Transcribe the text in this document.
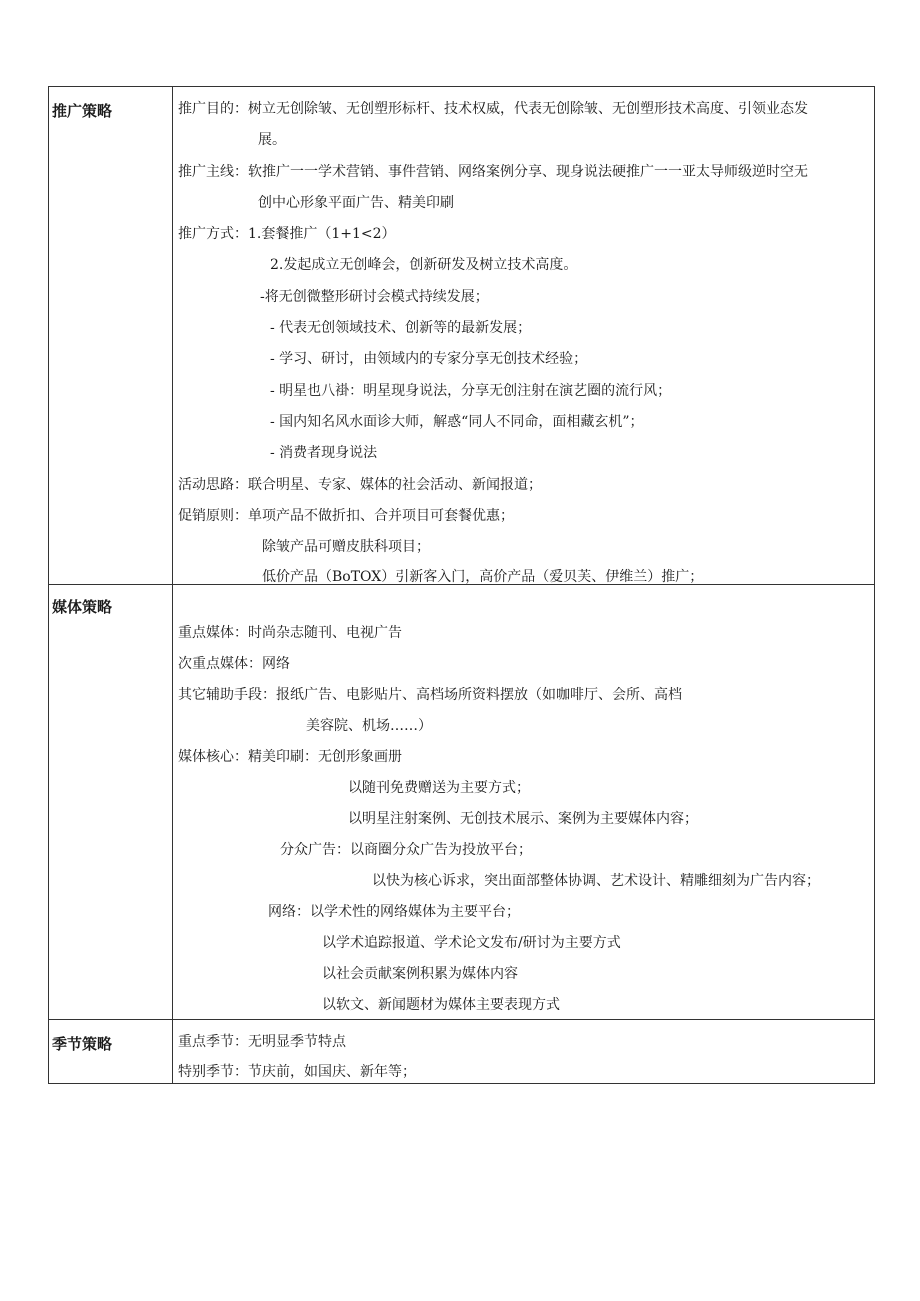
推广策略	推广目的：树立无创除皱、无创塑形标杆、技术权威，代表无创除皱、无创塑形技术高度、引领业态发
展。
推广主线：软推广一一学术营销、事件营销、网络案例分享、现身说法硬推广一一亚太导师级逆时空无
创中心形象平面广告、精美印刷
推广方式：1.套餐推广（1+1<2）
2.发起成立无创峰会，创新研发及树立技术高度。
-将无创微整形研讨会模式持续发展；
- 代表无创领域技术、创新等的最新发展；
- 学习、研讨，由领域内的专家分享无创技术经验；
- 明星也八褂：明星现身说法，分享无创注射在演艺圈的流行风；
- 国内知名风水面诊大师，解惑“同人不同命，面相藏玄机”；
- 消费者现身说法
活动思路：联合明星、专家、媒体的社会活动、新闻报道；
促销原则：单项产品不做折扣、合并项目可套餐优惠；
除皱产品可赠皮肤科项目；
低价产品（BoTOX）引新客入门，高价产品（爱贝芙、伊维兰）推广；
媒体策略
重点媒体：时尚杂志随刊、电视广告
次重点媒体：网络
其它辅助手段：报纸广告、电影贴片、高档场所资料摆放（如咖啡厅、会所、高档
美容院、机场……）
媒体核心：精美印刷：无创形象画册
以随刊免费赠送为主要方式；
以明星注射案例、无创技术展示、案例为主要媒体内容；
分众广告：以商圈分众广告为投放平台；
以快为核心诉求，突出面部整体协调、艺术设计、精雕细刻为广告内容；
网络：以学术性的网络媒体为主要平台；
以学术追踪报道、学术论文发布/研讨为主要方式
以社会贡献案例积累为媒体内容
以软文、新闻题材为媒体主要表现方式
季节策略	重点季节：无明显季节特点
特别季节：节庆前，如国庆、新年等；
